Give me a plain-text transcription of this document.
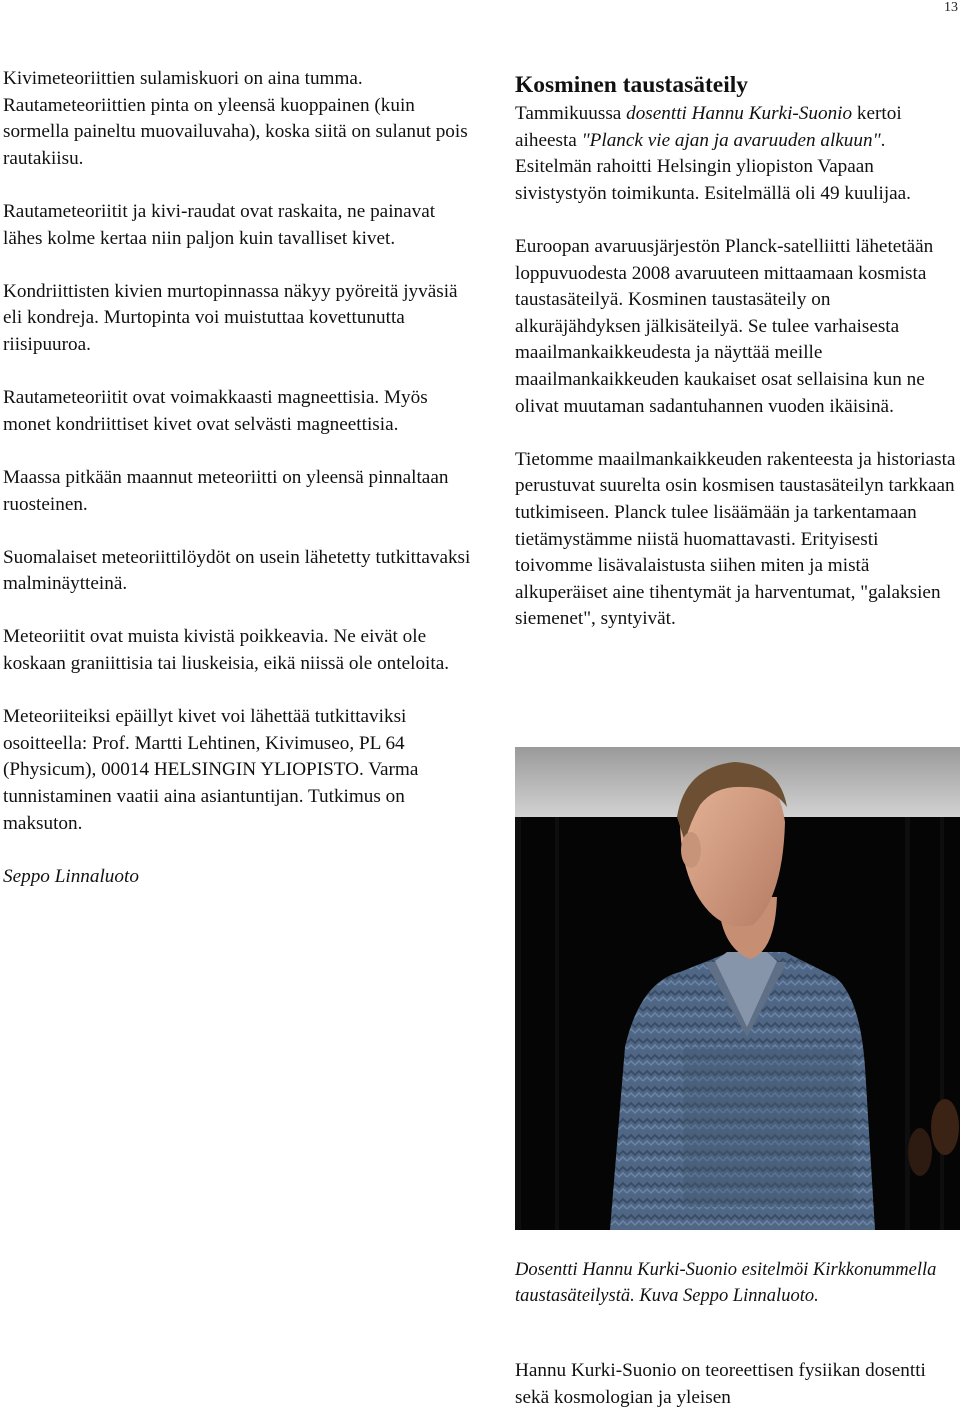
13

Kivimeteoriittien sulamiskuori on aina tumma. Rautameteoriittien pinta on yleensä kuoppainen (kuin sormella paineltu muovailuvaha), koska siitä on sulanut pois rautakiisu.

Rautameteoriitit ja kivi-raudat ovat raskaita, ne painavat lähes kolme kertaa niin paljon kuin tavalliset kivet.

Kondriittisten kivien murtopinnassa näkyy pyöreitä jyväsiä eli kondreja. Murtopinta voi muistuttaa kovettunutta riisipuuroa.

Rautameteoriitit ovat voimakkaasti magneettisia. Myös monet kondriittiset kivet ovat selvästi magneettisia.

Maassa pitkään maannut meteoriitti on yleensä pinnaltaan ruosteinen.

Suomalaiset meteoriittilöydöt on usein lähetetty tutkittavaksi malminäytteinä.

Meteoriitit ovat muista kivistä poikkeavia. Ne eivät ole koskaan graniittisia tai liuskeisia, eikä niissä ole onteloita.

Meteoriiteiksi epäillyt kivet voi lähettää tutkittaviksi osoitteella: Prof. Martti Lehtinen, Kivimuseo, PL 64 (Physicum), 00014 HELSINGIN YLIOPISTO. Varma tunnistaminen vaatii aina asiantuntijan. Tutkimus on maksuton.

Seppo Linnaluoto

Kosminen taustasäteily

Tammikuussa dosentti Hannu Kurki-Suonio kertoi aiheesta "Planck vie ajan ja avaruuden alkuun". Esitelmän rahoitti Helsingin yliopiston Vapaan sivistystyön toimikunta. Esitelmällä oli 49 kuulijaa.

Euroopan avaruusjärjestön Planck-satelliitti lähetetään loppuvuodesta 2008 avaruuteen mittaamaan kosmista taustasäteilyä. Kosminen taustasäteily on alkuräjähdyksen jälkisäteilyä. Se tulee varhaisesta maailmankaikkeudesta ja näyttää meille maailmankaikkeuden kaukaiset osat sellaisina kun ne olivat muutaman sadantuhannen vuoden ikäisinä.

Tietomme maailmankaikkeuden rakenteesta ja historiasta perustuvat suurelta osin kosmisen taustasäteilyn tarkkaan tutkimiseen. Planck tulee lisäämään ja tarkentamaan tietämystämme niistä huomattavasti. Erityisesti toivomme lisävalaistusta siihen miten ja mistä alkuperäiset aine tihentymät ja harventumat, "galaksien siemenet", syntyivät.

Dosentti Hannu Kurki-Suonio esitelmöi Kirkkonummella taustasäteilystä. Kuva Seppo Linnaluoto.
Hannu Kurki-Suonio on teoreettisen fysiikan dosentti sekä kosmologian ja yleisen
